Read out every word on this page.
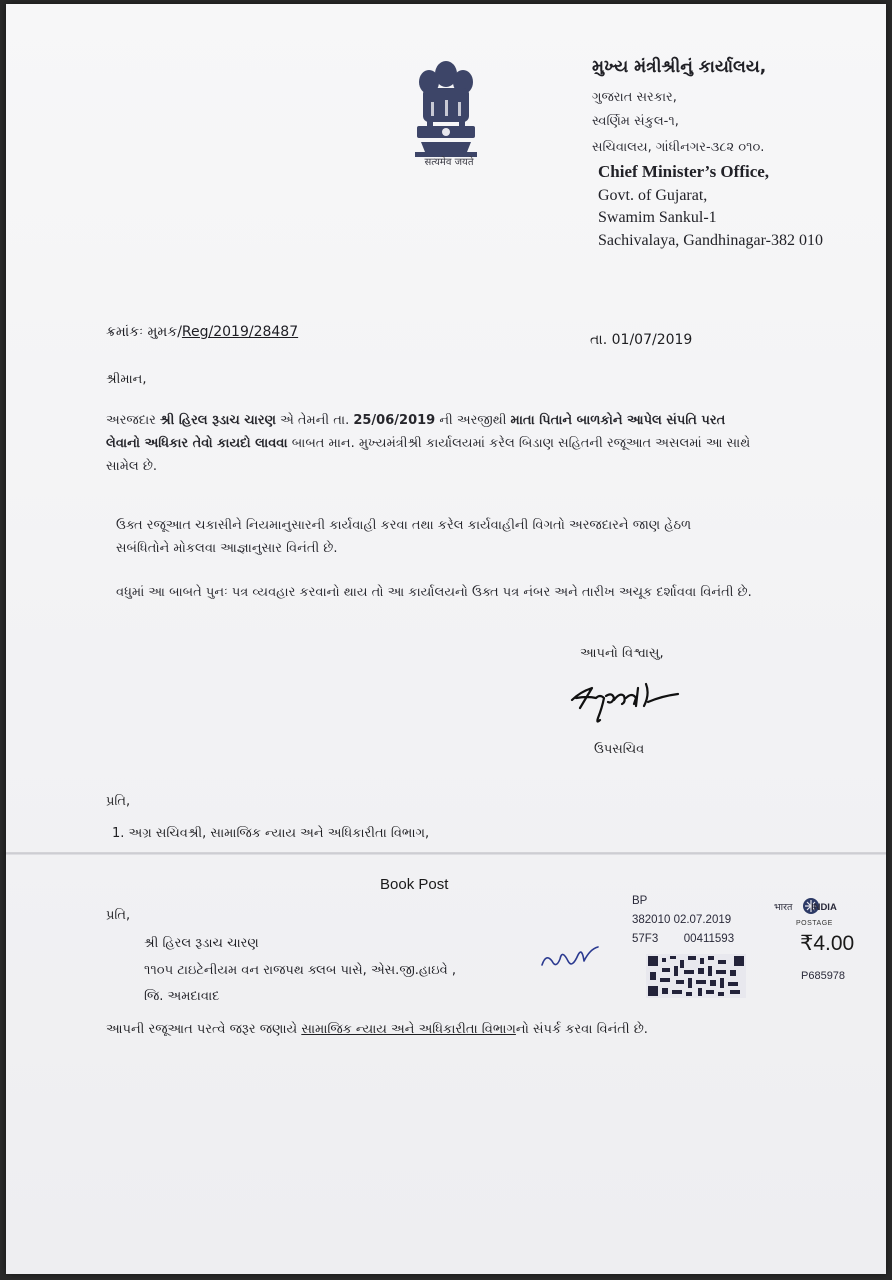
सत्यमेव जयते
મુખ્ય મંત્રીશ્રીનું કાર્યાલય,
ગુજરાત સરકાર,
સ્વર્ણિમ સંકુલ-૧,
સચિવાલય, ગાંધીનગર-૩૮૨ ૦૧૦.
Chief Minister’s Office,
Govt. of Gujarat,
Swamim Sankul-1
Sachivalaya, Gandhinagar-382 010
ક્રમાંકઃ મુમક/Reg/2019/28487	તા. 01/07/2019
શ્રીમાન,
અરજદાર શ્રી હિરલ રૂડાચ ચારણ એ તેમની તા. 25/06/2019 ની અરજીથી માતા પિતાને બાળકોને આપેલ સંપતિ પરત લેવાનો અધિકાર તેવો કાયદો લાવવા બાબત માન. મુખ્યમંત્રીશ્રી કાર્યાલયમાં કરેલ બિડાણ સહિતની રજૂઆત અસલમાં આ સાથે સામેલ છે.
ઉક્ત રજૂઆત ચકાસીને નિયમાનુસારની કાર્યવાહી કરવા તથા કરેલ કાર્યવાહીની વિગતો અરજદારને જાણ હેઠળ સબંધિતોને મોકલવા આજ્ઞાનુસાર વિનંતી છે.
વધુમાં આ બાબતે પુનઃ પત્ર વ્યવહાર કરવાનો થાય તો આ કાર્યાલયનો ઉક્ત પત્ર નંબર અને તારીખ અચૂક દર્શાવવા વિનંતી છે.
આપનો વિશ્વાસુ,
ઉપસચિવ
પ્રતિ,
1. અગ્ર સચિવશ્રી, સામાજિક ન્યાય અને અધિકારીતા વિભાગ,
Book Post
પ્રતિ,
શ્રી હિરલ રૂડાચ ચારણ
૧૧૦૫ ટાઇટેનીયમ વન રાજપથ ક્લબ પાસે, એસ.જી.હાઇવે ,
જિ. અમદાવાદ
આપની રજૂઆત પરત્વે જરૂર જણાયે સામાજિક ન્યાય અને અધિકારીતા વિભાગનો સંપર્ક કરવા વિનંતી છે.
BP
382010 02.07.2019
57F3 00411593
भारत INDIA
POSTAGE
₹4.00
P685978
